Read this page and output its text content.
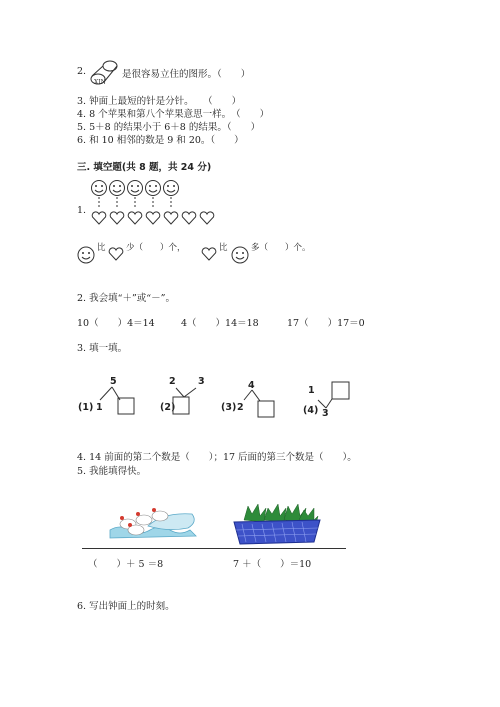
2.
XIN
是很容易立住的图形。（　　）
3. 钟面上最短的针是分针。　　（　　）
4. 8 个苹果和第八个苹果意思一样。　（　　）
5. 5＋8 的结果小于 6＋8 的结果。（　　）
6. 和 10 相邻的数是 9 和 20。（　　）
三. 填空题(共 8 题，共 24 分)
1.
比 少（　　）个，	比	多（　　）个。
2. 我会填“＋”或“－”。
10（　　）4＝14	4（　　）14＝18	17（　　）17＝0
3. 填一填。
(1) 1
5
(2)
2 3
(3) 2
4
(4)
1
3
4. 14 前面的第二个数是（　　）；17 后面的第三个数是（　　）。
5. 我能填得快。
（　　）＋ 5 ＝8	7 ＋（　　）＝10
6. 写出钟面上的时刻。
